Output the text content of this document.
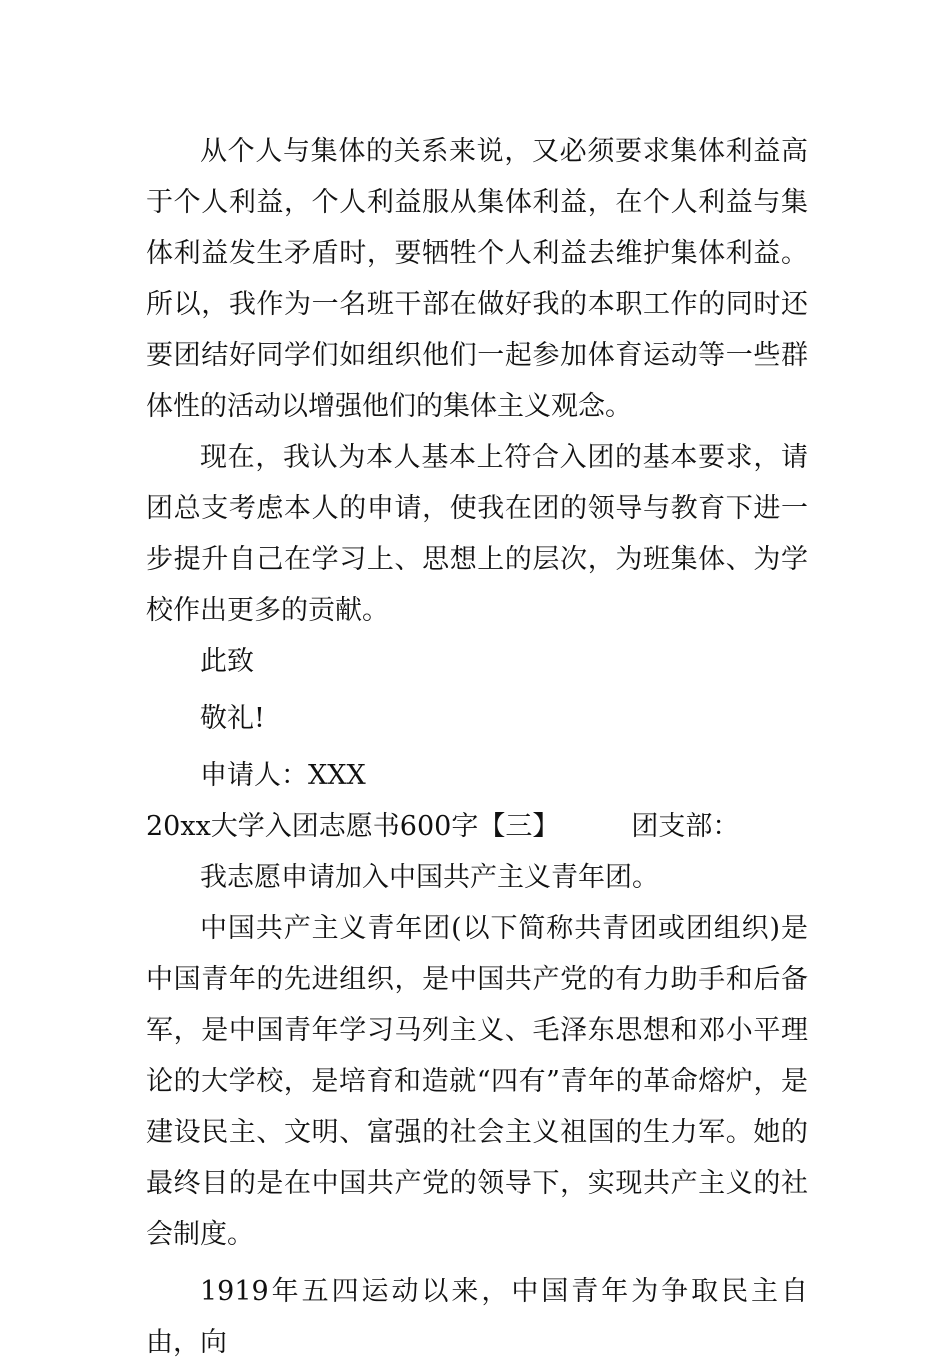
从个人与集体的关系来说，又必须要求集体利益高于个人利益，个人利益服从集体利益，在个人利益与集体利益发生矛盾时，要牺牲个人利益去维护集体利益。所以，我作为一名班干部在做好我的本职工作的同时还要团结好同学们如组织他们一起参加体育运动等一些群体性的活动以增强他们的集体主义观念。

现在，我认为本人基本上符合入团的基本要求，请团总支考虑本人的申请，使我在团的领导与教育下进一步提升自己在学习上、思想上的层次，为班集体、为学校作出更多的贡献。

此致

敬礼!

申请人：XXX

20xx大学入团志愿书600字【三】	团支部：

我志愿申请加入中国共产主义青年团。

中国共产主义青年团(以下简称共青团或团组织)是中国青年的先进组织，是中国共产党的有力助手和后备军，是中国青年学习马列主义、毛泽东思想和邓小平理论的大学校，是培育和造就“四有”青年的革命熔炉，是建设民主、文明、富强的社会主义祖国的生力军。她的最终目的是在中国共产党的领导下，实现共产主义的社会制度。

1919年五四运动以来，中国青年为争取民主自由，向
